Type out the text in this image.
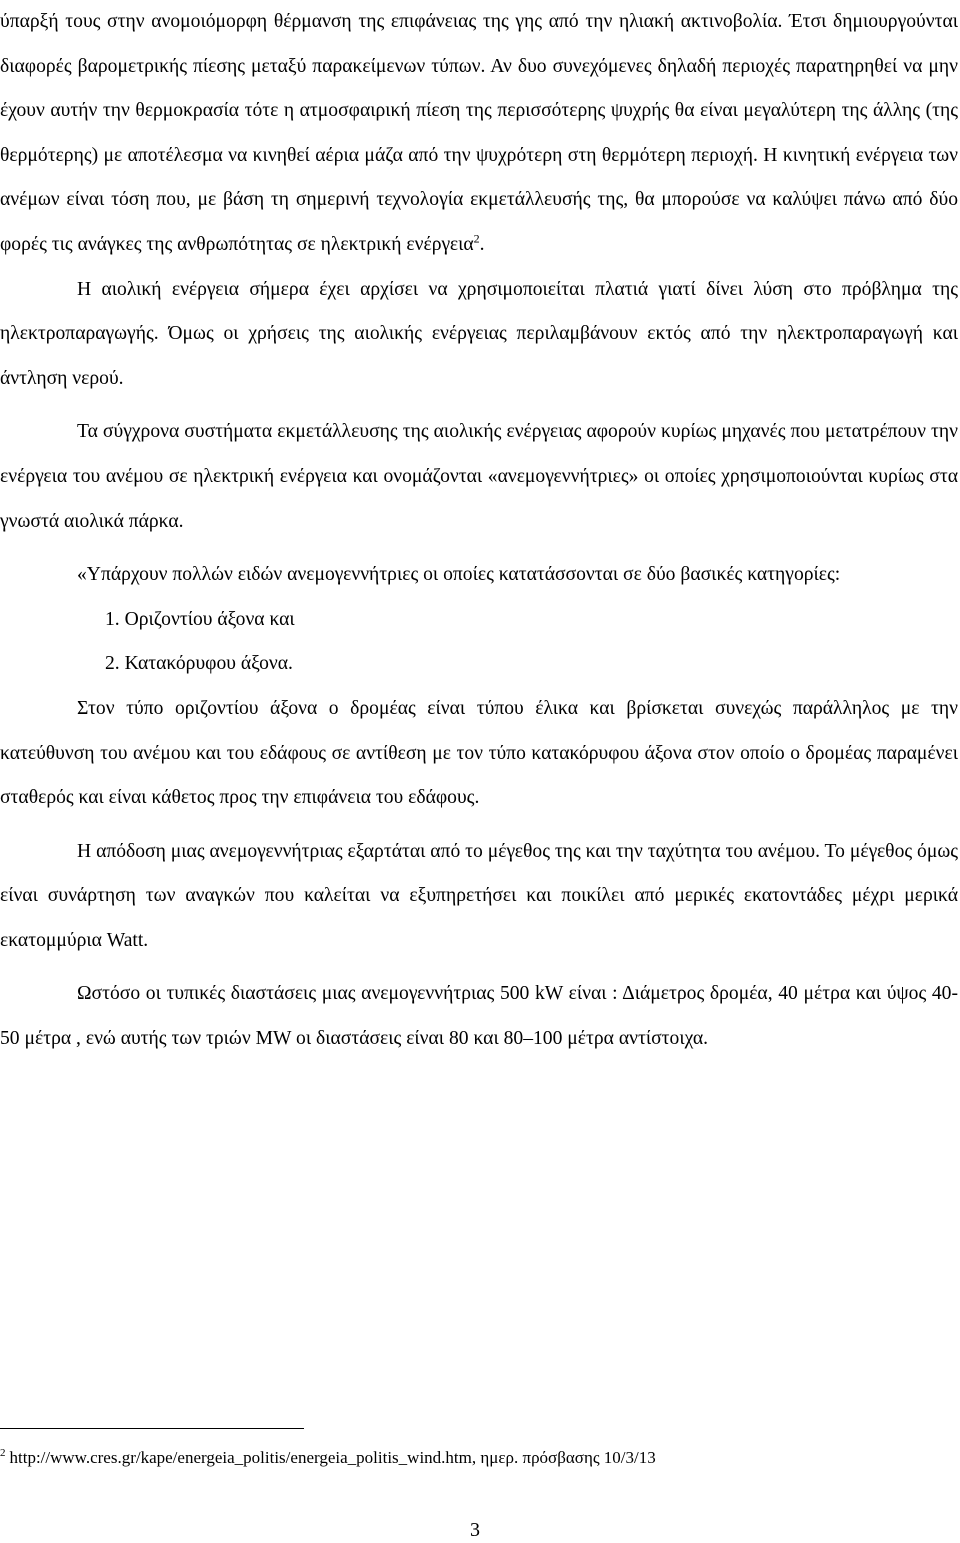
ύπαρξή τους στην ανομοιόμορφη θέρμανση της επιφάνειας της γης από την ηλιακή ακτινοβολία. Έτσι δημιουργούνται διαφορές βαρομετρικής πίεσης μεταξύ παρακείμενων τύπων. Αν δυο συνεχόμενες δηλαδή περιοχές παρατηρηθεί να μην έχουν αυτήν την θερμοκρασία τότε η ατμοσφαιρική πίεση της περισσότερης ψυχρής θα είναι μεγαλύτερη της άλλης (της θερμότερης) με αποτέλεσμα να κινηθεί αέρια μάζα από την ψυχρότερη στη θερμότερη περιοχή. Η κινητική ενέργεια των ανέμων είναι τόση που, με βάση τη σημερινή τεχνολογία εκμετάλλευσής της, θα μπορούσε να καλύψει πάνω από δύο φορές τις ανάγκες της ανθρωπότητας σε ηλεκτρική ενέργεια$^2$.

Η αιολική ενέργεια σήμερα έχει αρχίσει να χρησιμοποιείται πλατιά γιατί δίνει λύση στο πρόβλημα της ηλεκτροπαραγωγής. Όμως οι χρήσεις της αιολικής ενέργειας περιλαμβάνουν εκτός από την ηλεκτροπαραγωγή και άντληση νερού.

Τα σύγχρονα συστήματα εκμετάλλευσης της αιολικής ενέργειας αφορούν κυρίως μηχανές που μετατρέπουν την ενέργεια του ανέμου σε ηλεκτρική ενέργεια και ονομάζονται «ανεμογεννήτριες» οι οποίες χρησιμοποιούνται κυρίως στα γνωστά αιολικά πάρκα.

«Υπάρχουν πολλών ειδών ανεμογεννήτριες οι οποίες κατατάσσονται σε δύο βασικές κατηγορίες:

1. Οριζοντίου άξονα και
2. Κατακόρυφου άξονα.

Στον τύπο οριζοντίου άξονα ο δρομέας είναι τύπου έλικα και βρίσκεται συνεχώς παράλληλος με την κατεύθυνση του ανέμου και του εδάφους σε αντίθεση με τον τύπο κατακόρυφου άξονα στον οποίο ο δρομέας παραμένει σταθερός και είναι κάθετος προς την επιφάνεια του εδάφους.

Η απόδοση μιας ανεμογεννήτριας εξαρτάται από το μέγεθος της και την ταχύτητα του ανέμου. Το μέγεθος όμως είναι συνάρτηση των αναγκών που καλείται να εξυπηρετήσει και ποικίλει από μερικές εκατοντάδες μέχρι μερικά εκατομμύρια Watt.

Ωστόσο οι τυπικές διαστάσεις μιας ανεμογεννήτριας 500 kW είναι : Διάμετρος δρομέα, 40 μέτρα και ύψος 40-50 μέτρα , ενώ αυτής των τριών MW οι διαστάσεις είναι 80 και 80–100 μέτρα αντίστοιχα.

$^2$ http://www.cres.gr/kape/energeia_politis/energeia_politis_wind.htm, ημερ. πρόσβασης 10/3/13
3
